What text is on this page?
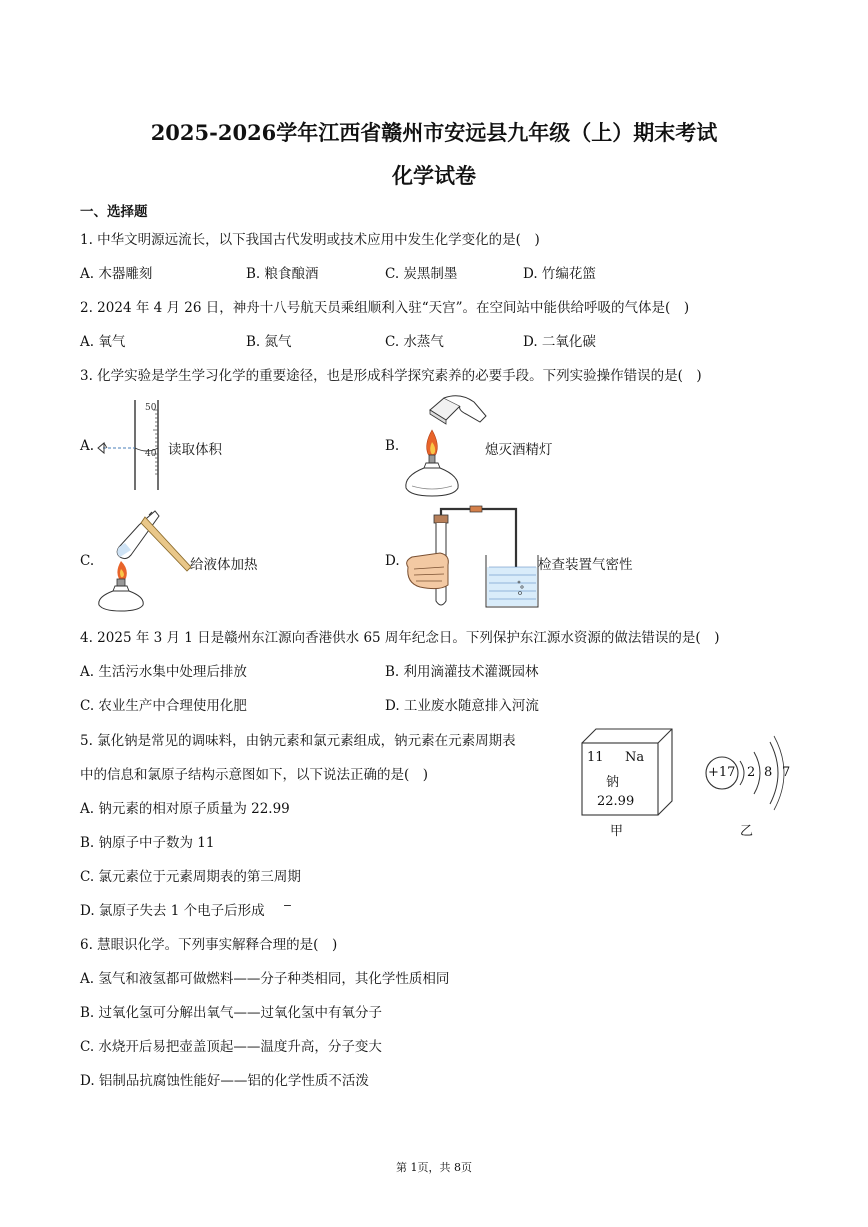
2025-2026学年江西省赣州市安远县九年级（上）期末考试
化学试卷
一、选择题
1. 中华文明源远流长，以下我国古代发明或技术应用中发生化学变化的是(　)
A. 木器雕刻	B. 粮食酿酒	C. 炭黑制墨	D. 竹编花篮
2. 2024 年 4 月 26 日，神舟十八号航天员乘组顺利入驻“天宫”。在空间站中能供给呼吸的气体是(　)
A. 氧气	B. 氮气	C. 水蒸气	D. 二氧化碳
3. 化学实验是学生学习化学的重要途径，也是形成科学探究素养的必要手段。下列实验操作错误的是(　)
A.
50
40 读取体积	B.	熄灭酒精灯
C.	给液体加热	D.	检查装置气密性
4. 2025 年 3 月 1 日是赣州东江源向香港供水 65 周年纪念日。下列保护东江源水资源的做法错误的是(　)
A. 生活污水集中处理后排放	B. 利用滴灌技术灌溉园林
C. 农业生产中合理使用化肥	D. 工业废水随意排入河流
5. 氯化钠是常见的调味料，由钠元素和氯元素组成，钠元素在元素周期表
中的信息和氯原子结构示意图如下，以下说法正确的是(　)
A. 钠元素的相对原子质量为 22.99
B. 钠原子中子数为 11
C. 氯元素位于元素周期表的第三周期
D. 氯原子失去 1 个电子后形成 −
11 Na
钠
22.99
甲
+17 2 8 7
乙
6. 慧眼识化学。下列事实解释合理的是(　)
A. 氢气和液氢都可做燃料——分子种类相同，其化学性质相同
B. 过氧化氢可分解出氧气——过氧化氢中有氧分子
C. 水烧开后易把壶盖顶起——温度升高，分子变大
D. 铝制品抗腐蚀性能好——铝的化学性质不活泼
第 1页，共 8页
